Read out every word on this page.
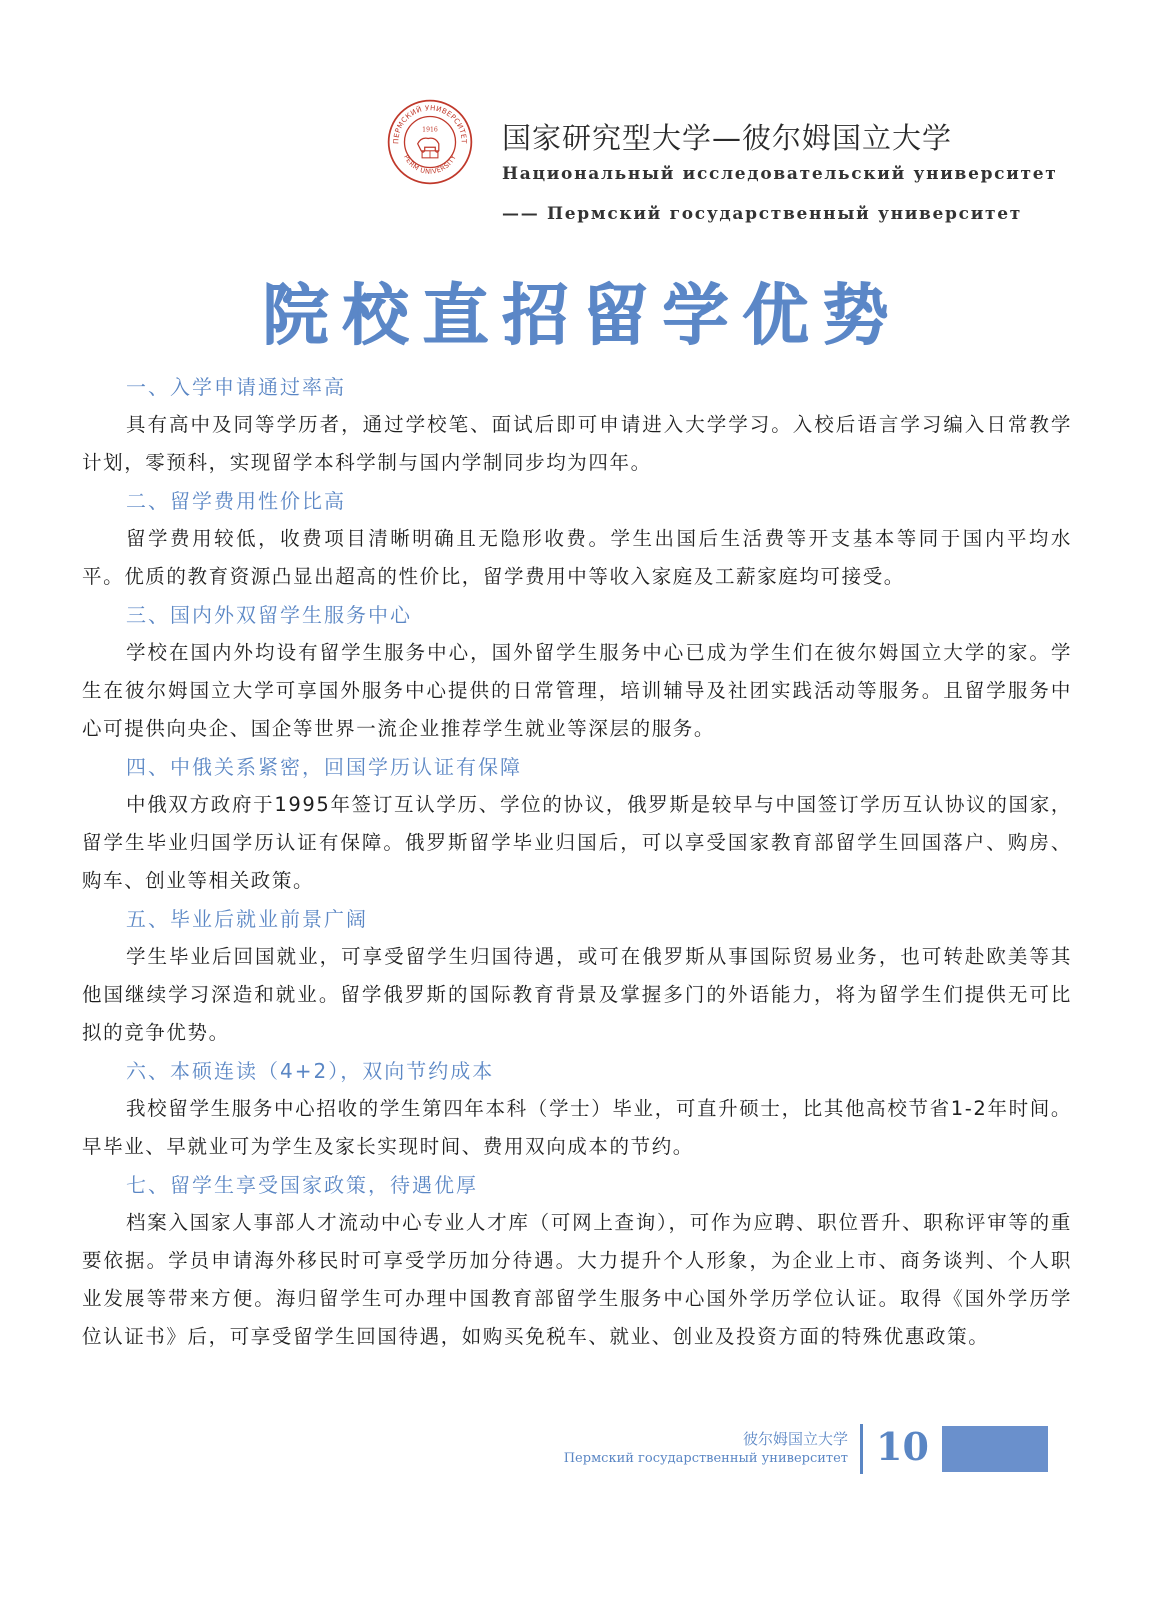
ПЕРМСКИЙ УНИВЕРСИТЕТ
PERM UNIVERSITY
1916 国家研究型大学—彼尔姆国立大学
Национальный исследовательский университет
—— Пермский государственный университет
院校直招留学优势
一、入学申请通过率高

具有高中及同等学历者，通过学校笔、面试后即可申请进入大学学习。入校后语言学习编入日常教学计划，零预科，实现留学本科学制与国内学制同步均为四年。

二、留学费用性价比高

留学费用较低，收费项目清晰明确且无隐形收费。学生出国后生活费等开支基本等同于国内平均水平。优质的教育资源凸显出超高的性价比，留学费用中等收入家庭及工薪家庭均可接受。

三、国内外双留学生服务中心

学校在国内外均设有留学生服务中心，国外留学生服务中心已成为学生们在彼尔姆国立大学的家。学生在彼尔姆国立大学可享国外服务中心提供的日常管理，培训辅导及社团实践活动等服务。且留学服务中心可提供向央企、国企等世界一流企业推荐学生就业等深层的服务。

四、中俄关系紧密，回国学历认证有保障

中俄双方政府于1995年签订互认学历、学位的协议，俄罗斯是较早与中国签订学历互认协议的国家，留学生毕业归国学历认证有保障。俄罗斯留学毕业归国后，可以享受国家教育部留学生回国落户、购房、购车、创业等相关政策。

五、毕业后就业前景广阔

学生毕业后回国就业，可享受留学生归国待遇，或可在俄罗斯从事国际贸易业务，也可转赴欧美等其他国继续学习深造和就业。留学俄罗斯的国际教育背景及掌握多门的外语能力，将为留学生们提供无可比拟的竞争优势。

六、本硕连读（4+2），双向节约成本

我校留学生服务中心招收的学生第四年本科（学士）毕业，可直升硕士，比其他高校节省1-2年时间。早毕业、早就业可为学生及家长实现时间、费用双向成本的节约。

七、留学生享受国家政策，待遇优厚

档案入国家人事部人才流动中心专业人才库（可网上查询），可作为应聘、职位晋升、职称评审等的重要依据。学员申请海外移民时可享受学历加分待遇。大力提升个人形象，为企业上市、商务谈判、个人职业发展等带来方便。海归留学生可办理中国教育部留学生服务中心国外学历学位认证。取得《国外学历学位认证书》后，可享受留学生回国待遇，如购买免税车、就业、创业及投资方面的特殊优惠政策。

彼尔姆国立大学
Пермский государственный университет 10
